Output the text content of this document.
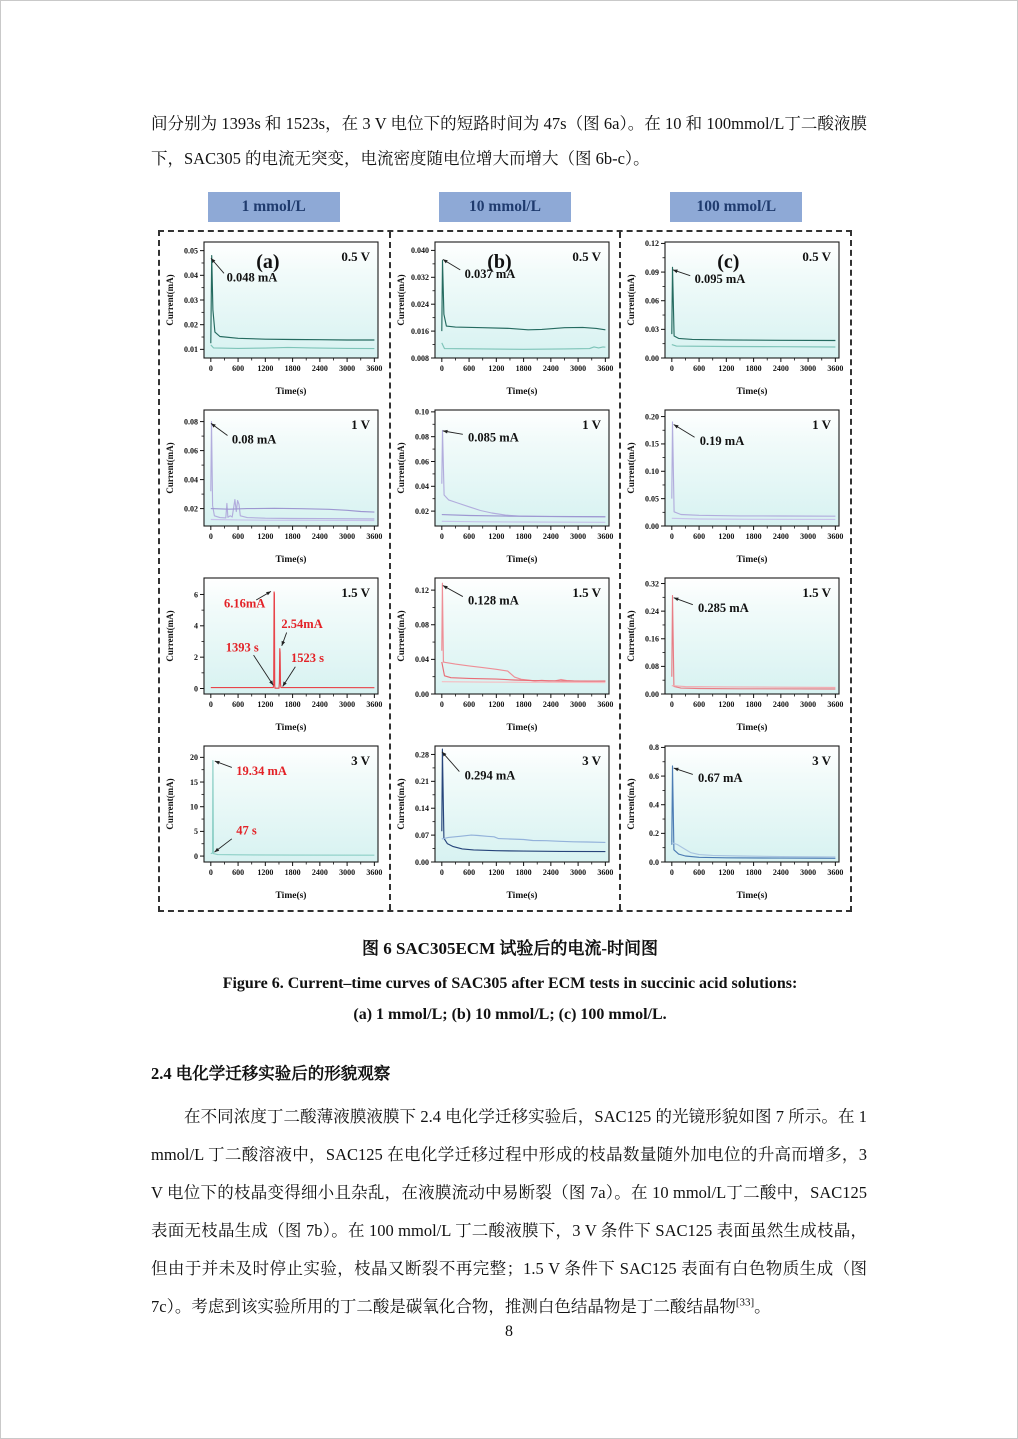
间分别为 1393s 和 1523s，在 3 V 电位下的短路时间为 47s（图 6a）。在 10 和 100mmol/L丁二酸液膜下，SAC305 的电流无突变，电流密度随电位增大而增大（图 6b-c）。

1 mmol/L	10 mmol/L	100 mmol/L
0 600 1200 1800 2400 3000 3600
0.01
0.02
0.03
0.04
0.05
Time(s)
Current(mA)
0.5 V
(a)
0.048 mA
0 600 1200 1800 2400 3000 3600
0.02
0.04
0.06
0.08
Time(s)
Current(mA)
1 V
0.08 mA
0 600 1200 1800 2400 3000 3600
0
2
4
6
Time(s)
Current(mA)
1.5 V
6.16mA
2.54mA
1393 s
1523 s
0 600 1200 1800 2400 3000 3600
0
5
10
15
20
Time(s)
Current(mA)
3 V
19.34 mA
47 s
0 600 1200 1800 2400 3000 3600
0.008
0.016
0.024
0.032
0.040
Time(s)
Current(mA)
0.5 V
(b)
0.037 mA
0 600 1200 1800 2400 3000 3600
0.02
0.04
0.06
0.08
0.10
Time(s)
Current(mA)
1 V
0.085 mA
0 600 1200 1800 2400 3000 3600
0.00
0.04
0.08
0.12
Time(s)
Current(mA)
1.5 V
0.128 mA
0 600 1200 1800 2400 3000 3600
0.00
0.07
0.14
0.21
0.28
Time(s)
Current(mA)
3 V
0.294 mA
0 600 1200 1800 2400 3000 3600
0.00
0.03
0.06
0.09
0.12
Time(s)
Current(mA)
0.5 V
(c)
0.095 mA
0 600 1200 1800 2400 3000 3600
0.00
0.05
0.10
0.15
0.20
Time(s)
Current(mA)
1 V
0.19 mA
0 600 1200 1800 2400 3000 3600
0.00
0.08
0.16
0.24
0.32
Time(s)
Current(mA)
1.5 V
0.285 mA
0 600 1200 1800 2400 3000 3600
0.0
0.2
0.4
0.6
0.8
Time(s)
Current(mA)
3 V
0.67 mA
图 6 SAC305ECM 试验后的电流-时间图
Figure 6. Current–time curves of SAC305 after ECM tests in succinic acid solutions:
(a) 1 mmol/L; (b) 10 mmol/L; (c) 100 mmol/L.
2.4 电化学迁移实验后的形貌观察

在不同浓度丁二酸薄液膜液膜下 2.4 电化学迁移实验后，SAC125 的光镜形貌如图 7 所示。在 1 mmol/L 丁二酸溶液中，SAC125 在电化学迁移过程中形成的枝晶数量随外加电位的升高而增多，3 V 电位下的枝晶变得细小且杂乱，在液膜流动中易断裂（图 7a）。在 10 mmol/L丁二酸中，SAC125 表面无枝晶生成（图 7b）。在 100 mmol/L 丁二酸液膜下，3 V 条件下 SAC125 表面虽然生成枝晶，但由于并未及时停止实验，枝晶又断裂不再完整；1.5 V 条件下 SAC125 表面有白色物质生成（图 7c）。考虑到该实验所用的丁二酸是碳氧化合物，推测白色结晶物是丁二酸结晶物[33]。

8
